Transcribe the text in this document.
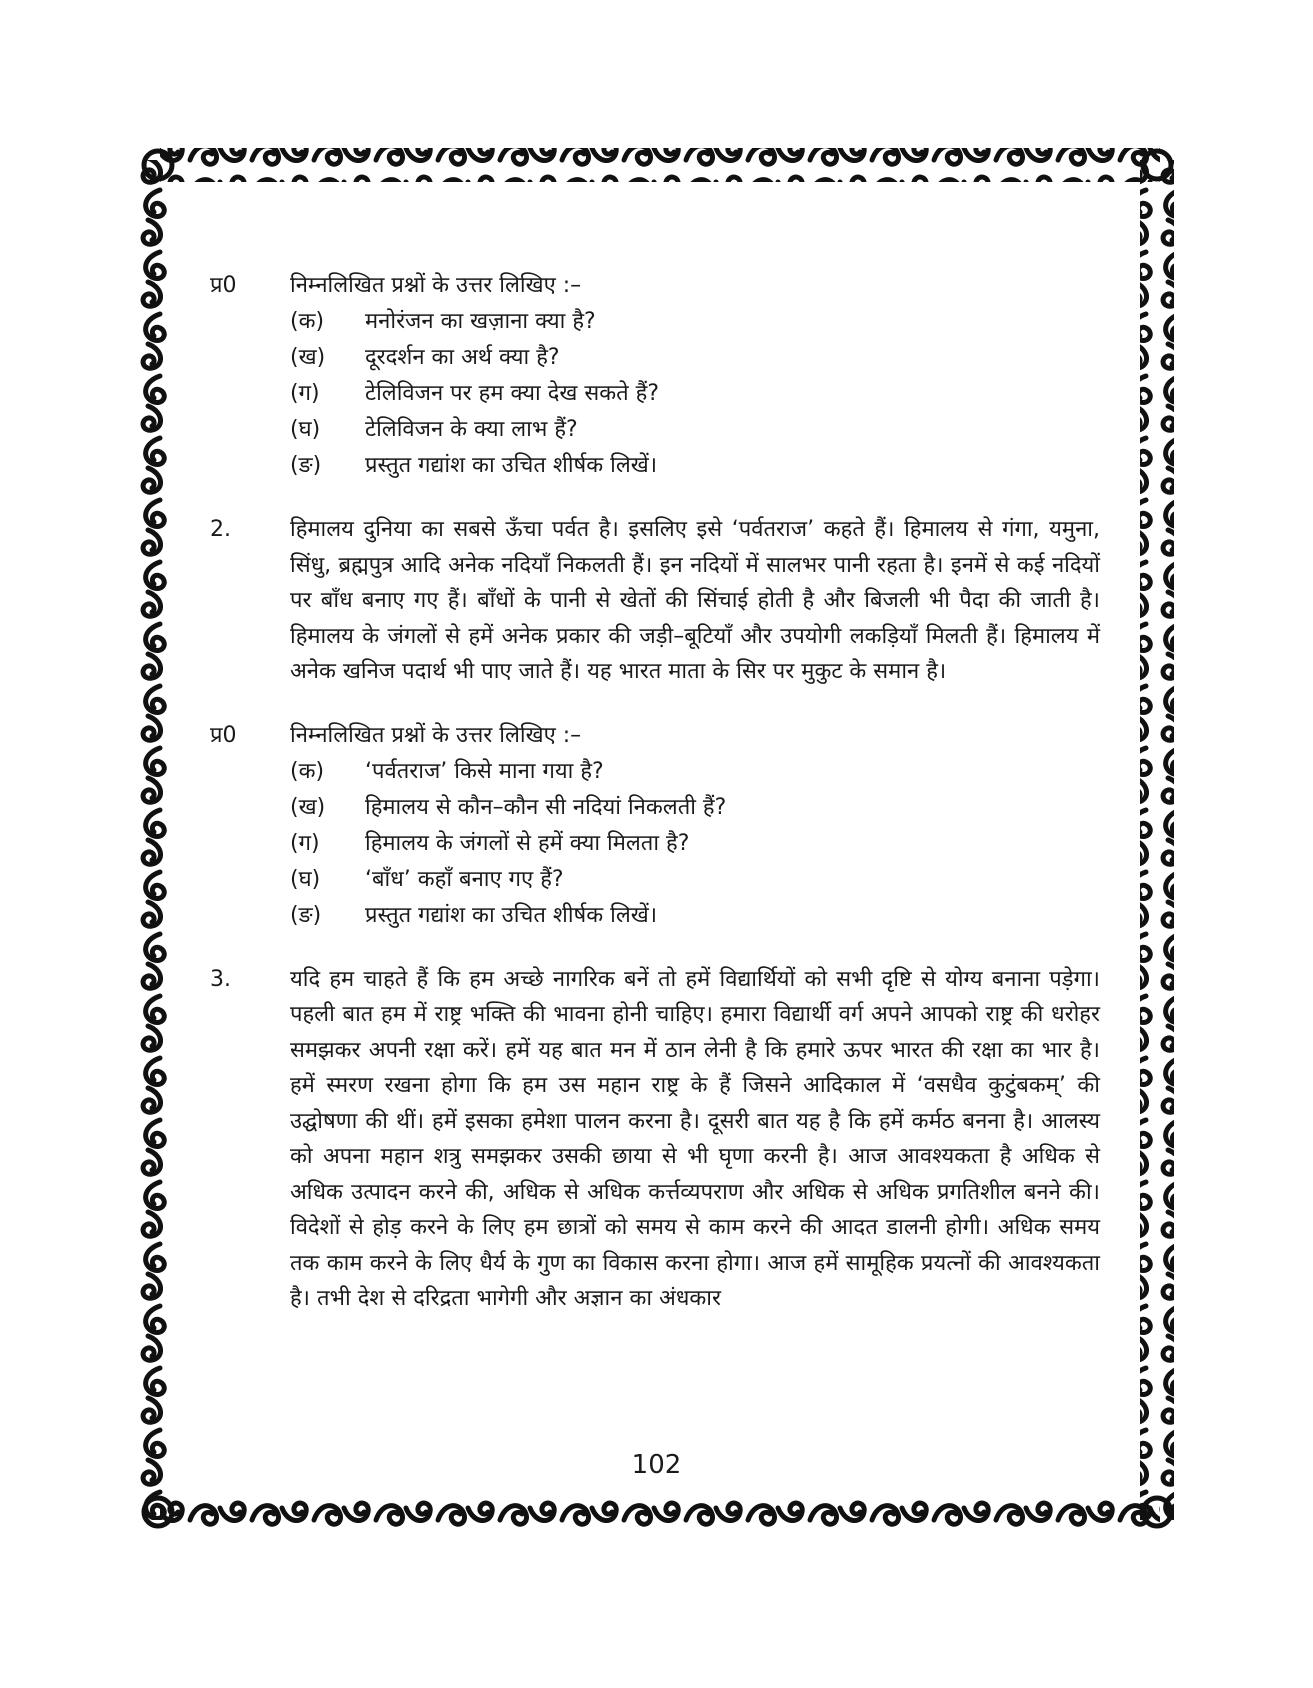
प्र0	निम्नलिखित प्रश्नों के उत्तर लिखिए :–
(क)	मनोरंजन का खज़ाना क्या है?
(ख)	दूरदर्शन का अर्थ क्या है?
(ग)	टेलिविजन पर हम क्या देख सकते हैं?
(घ)	टेलिविजन के क्या लाभ हैं?
(ङ)	प्रस्तुत गद्यांश का उचित शीर्षक लिखें।
2.	हिमालय दुनिया का सबसे ऊँचा पर्वत है। इसलिए इसे ‘पर्वतराज’ कहते हैं। हिमालय से गंगा, यमुना, सिंधु, ब्रह्मपुत्र आदि अनेक नदियाँ निकलती हैं। इन नदियों में सालभर पानी रहता है। इनमें से कई नदियों पर बाँध बनाए गए हैं। बाँधों के पानी से खेतों की सिंचाई होती है और बिजली भी पैदा की जाती है। हिमालय के जंगलों से हमें अनेक प्रकार की जड़ी–बूटियाँ और उपयोगी लकड़ियाँ मिलती हैं। हिमालय में अनेक खनिज पदार्थ भी पाए जाते हैं। यह भारत माता के सिर पर मुकुट के समान है।
प्र0	निम्नलिखित प्रश्नों के उत्तर लिखिए :–
(क)	‘पर्वतराज’ किसे माना गया है?
(ख)	हिमालय से कौन–कौन सी नदियां निकलती हैं?
(ग)	हिमालय के जंगलों से हमें क्या मिलता है?
(घ)	‘बाँध’ कहाँ बनाए गए हैं?
(ङ)	प्रस्तुत गद्यांश का उचित शीर्षक लिखें।
3.	यदि हम चाहते हैं कि हम अच्छे नागरिक बनें तो हमें विद्यार्थियों को सभी दृष्टि से योग्य बनाना पड़ेगा। पहली बात हम में राष्ट्र भक्ति की भावना होनी चाहिए। हमारा विद्यार्थी वर्ग अपने आपको राष्ट्र की धरोहर समझकर अपनी रक्षा करें। हमें यह बात मन में ठान लेनी है कि हमारे ऊपर भारत की रक्षा का भार है। हमें स्मरण रखना होगा कि हम उस महान राष्ट्र के हैं जिसने आदिकाल में ‘वसधैव कुटुंबकम्’ की उद्घोषणा की थीं। हमें इसका हमेशा पालन करना है। दूसरी बात यह है कि हमें कर्मठ बनना है। आलस्य को अपना महान शत्रु समझकर उसकी छाया से भी घृणा करनी है। आज आवश्यकता है अधिक से अधिक उत्पादन करने की, अधिक से अधिक कर्त्तव्यपराण और अधिक से अधिक प्रगतिशील बनने की। विदेशों से होड़ करने के लिए हम छात्रों को समय से काम करने की आदत डालनी होगी। अधिक समय तक काम करने के लिए धैर्य के गुण का विकास करना होगा। आज हमें सामूहिक प्रयत्नों की आवश्यकता है। तभी देश से दरिद्रता भागेगी और अज्ञान का अंधकार
102
